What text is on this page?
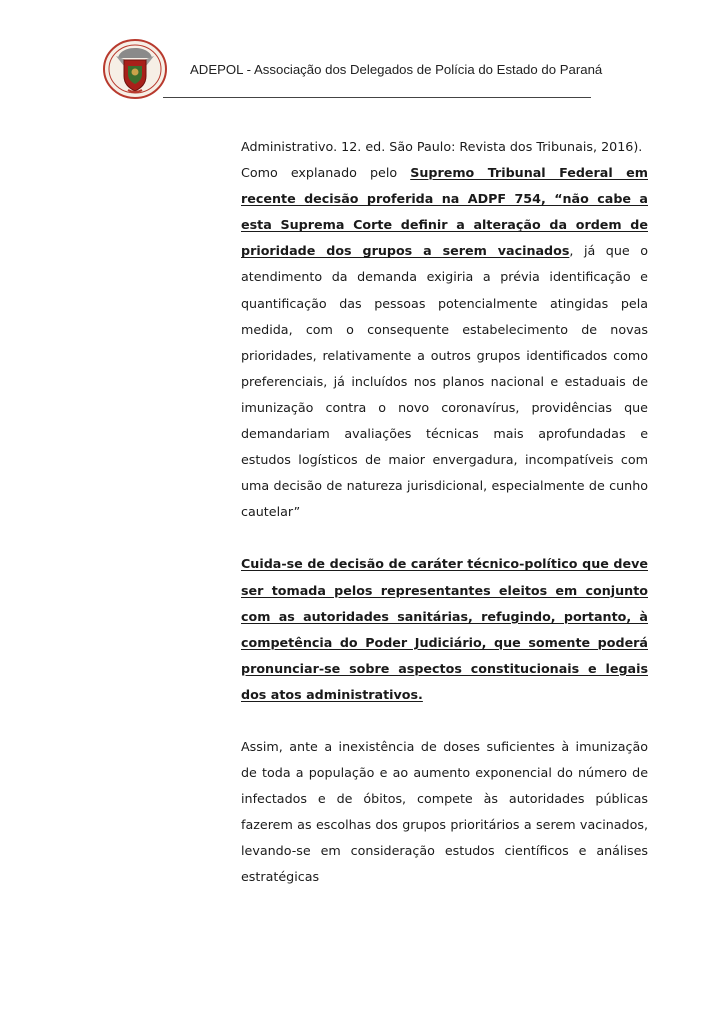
ADEPOL - Associação dos Delegados de Polícia do Estado do Paraná

Administrativo. 12. ed. São Paulo: Revista dos Tribunais, 2016).

Como explanado pelo Supremo Tribunal Federal em recente decisão proferida na ADPF 754, “não cabe a esta Suprema Corte definir a alteração da ordem de prioridade dos grupos a serem vacinados, já que o atendimento da demanda exigiria a prévia identificação e quantificação das pessoas potencialmente atingidas pela medida, com o consequente estabelecimento de novas prioridades, relativamente a outros grupos identificados como preferenciais, já incluídos nos planos nacional e estaduais de imunização contra o novo coronavírus, providências que demandariam avaliações técnicas mais aprofundadas e estudos logísticos de maior envergadura, incompatíveis com uma decisão de natureza jurisdicional, especialmente de cunho cautelar”

Cuida-se de decisão de caráter técnico-político que deve ser tomada pelos representantes eleitos em conjunto com as autoridades sanitárias, refugindo, portanto, à competência do Poder Judiciário, que somente poderá pronunciar-se sobre aspectos constitucionais e legais dos atos administrativos.

Assim, ante a inexistência de doses suficientes à imunização de toda a população e ao aumento exponencial do número de infectados e de óbitos, compete às autoridades públicas fazerem as escolhas dos grupos prioritários a serem vacinados, levando-se em consideração estudos científicos e análises estratégicas
